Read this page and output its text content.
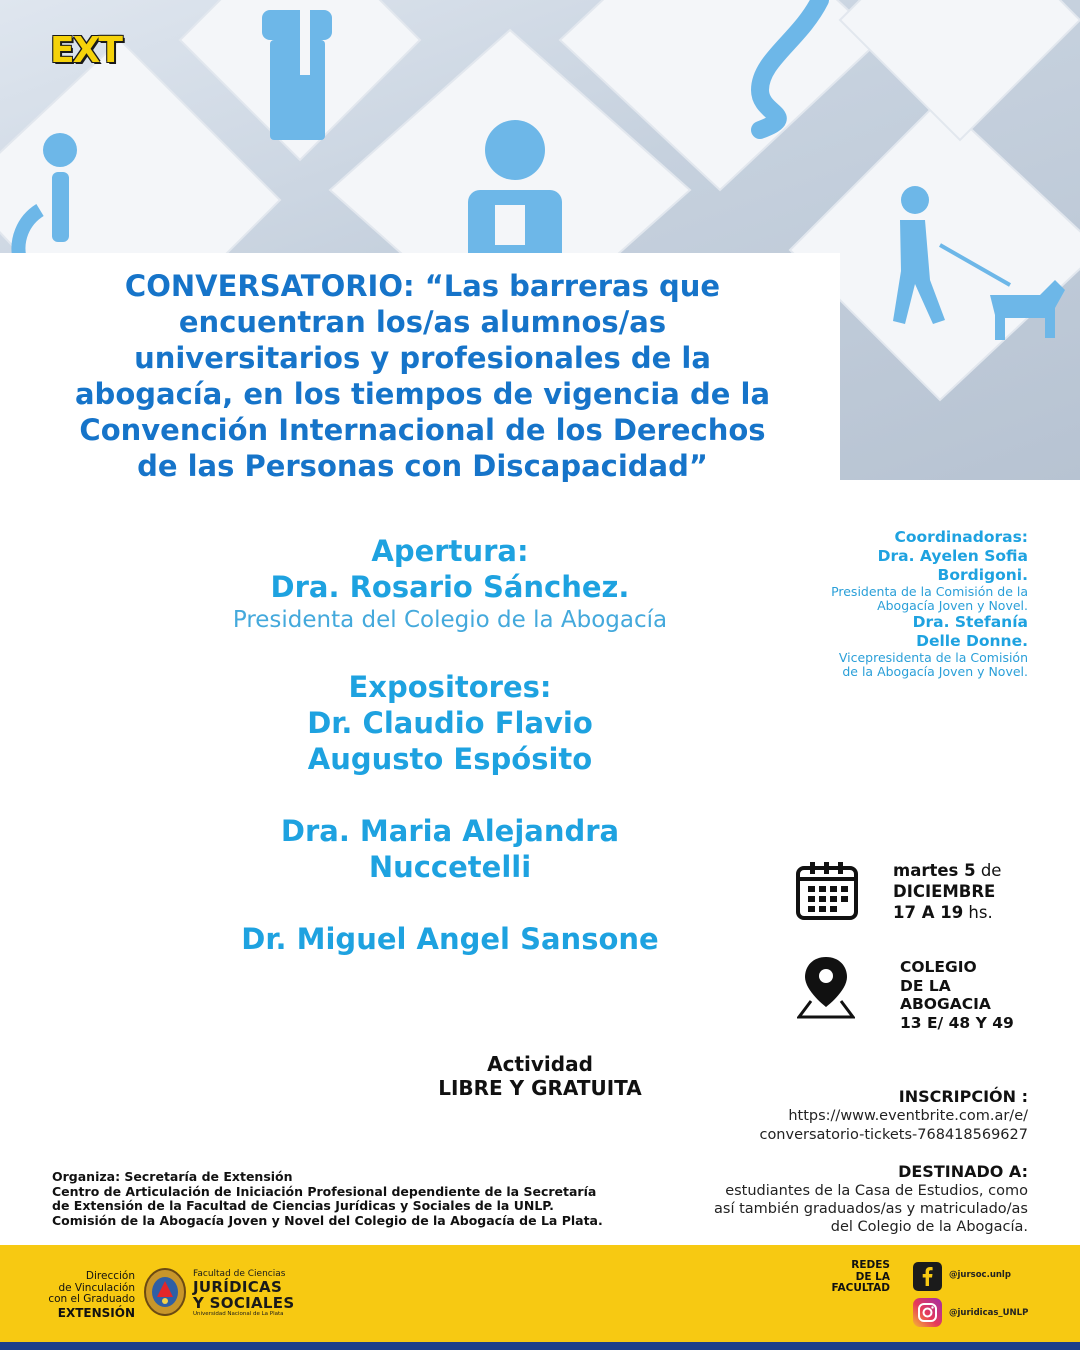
EXT
CONVERSATORIO: “Las barreras que
encuentran los/as alumnos/as
universitarios y profesionales de la
abogacía, en los tiempos de vigencia de la
Convención Internacional de los Derechos
de las Personas con Discapacidad”
Apertura:
Dra. Rosario Sánchez.
Presidenta del Colegio de la Abogacía
Expositores:
Dr. Claudio Flavio
Augusto Espósito
Dra. Maria Alejandra
Nuccetelli
Dr. Miguel Angel Sansone
Coordinadoras:
Dra. Ayelen Sofia
Bordigoni.
Presidenta de la Comisión de la
Abogacía Joven y Novel.
Dra. Stefanía
Delle Donne.
Vicepresidenta de la Comisión
de la Abogacía Joven y Novel.
martes 5 de
DICIEMBRE
17 A 19 hs.
COLEGIO
DE LA
ABOGACIA
13 E/ 48 Y 49
Actividad
LIBRE Y GRATUITA	INSCRIPCIÓN :
https://www.eventbrite.com.ar/e/
conversatorio-tickets-768418569627
DESTINADO A:
estudiantes de la Casa de Estudios, como
así también graduados/as y matriculado/as
del Colegio de la Abogacía.
Organiza: Secretaría de Extensión
Centro de Articulación de Iniciación Profesional dependiente de la Secretaría
de Extensión de la Facultad de Ciencias Jurídicas y Sociales de la UNLP.
Comisión de la Abogacía Joven y Novel del Colegio de la Abogacía de La Plata.
Dirección
de Vinculación
con el Graduado
EXTENSIÓN
Facultad de Ciencias
JURÍDICAS
Y SOCIALES
Universidad Nacional de La Plata
REDES
DE LA
FACULTAD
@jursoc.unlp
@juridicas_UNLP
